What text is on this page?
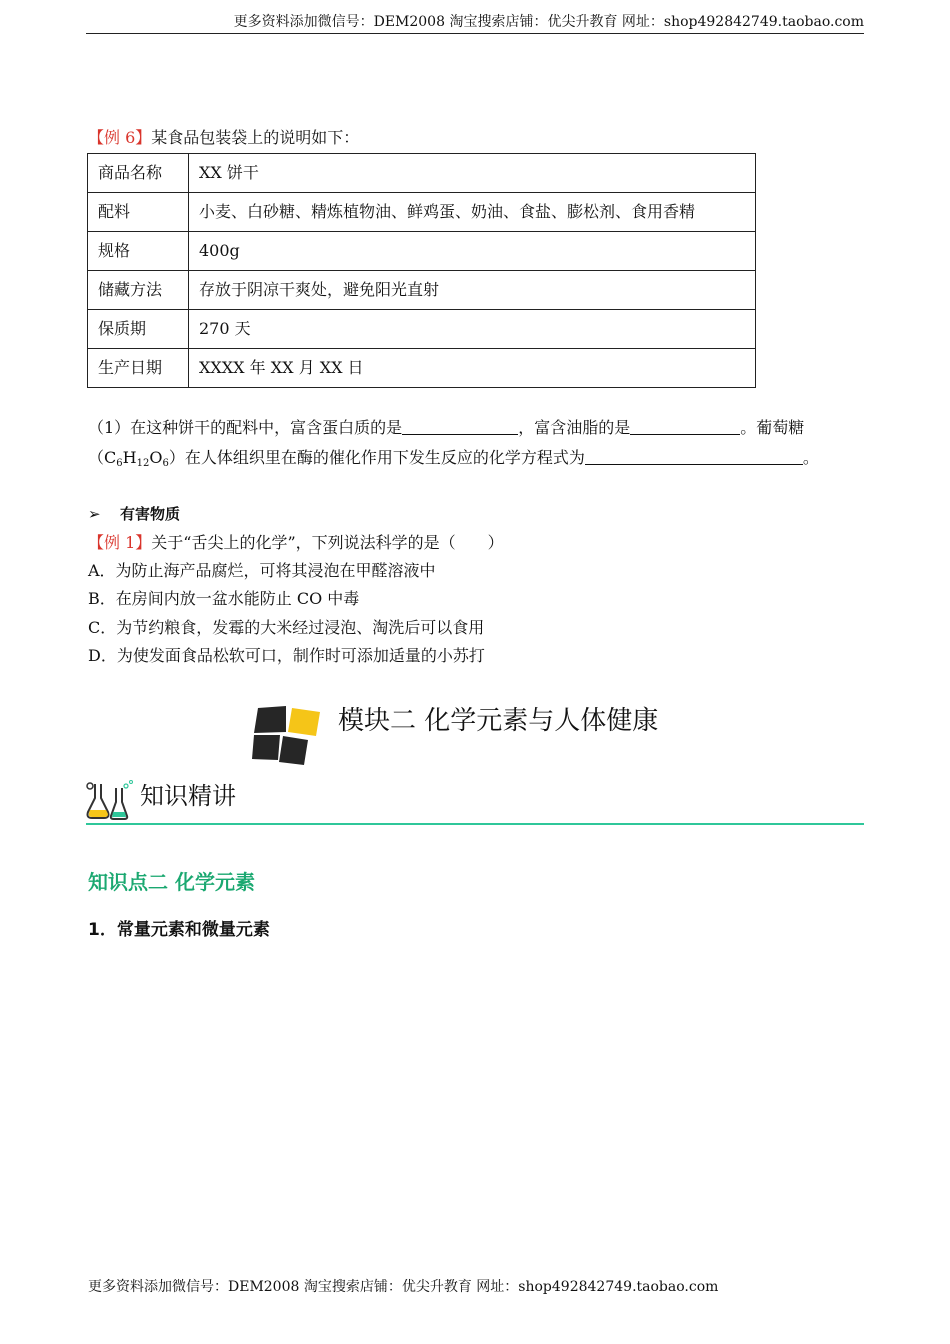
更多资料添加微信号：DEM2008 淘宝搜索店铺：优尖升教育 网址：shop492842749.taobao.com
【例 6】某食品包装袋上的说明如下：
商品名称	XX 饼干
配料	小麦、白砂糖、精炼植物油、鲜鸡蛋、奶油、食盐、膨松剂、食用香精
规格	400g
储藏方法	存放于阴凉干爽处，避免阳光直射
保质期	270 天
生产日期	XXXX 年 XX 月 XX 日
（1）在这种饼干的配料中，富含蛋白质的是	，富含油脂的是	。葡萄糖
$(C_6H_{12}O_6)$在人体组织里在酶的催化作用下发生反应的化学方程式为	。
➢ 有害物质
【例 1】关于“舌尖上的化学”，下列说法科学的是（　　）
A．为防止海产品腐烂，可将其浸泡在甲醛溶液中
B．在房间内放一盆水能防止 CO 中毒
C．为节约粮食，发霉的大米经过浸泡、淘洗后可以食用
D．为使发面食品松软可口，制作时可添加适量的小苏打
模块二 化学元素与人体健康
知识精讲
知识点二 化学元素
1．常量元素和微量元素
更多资料添加微信号：DEM2008 淘宝搜索店铺：优尖升教育 网址：shop492842749.taobao.com
